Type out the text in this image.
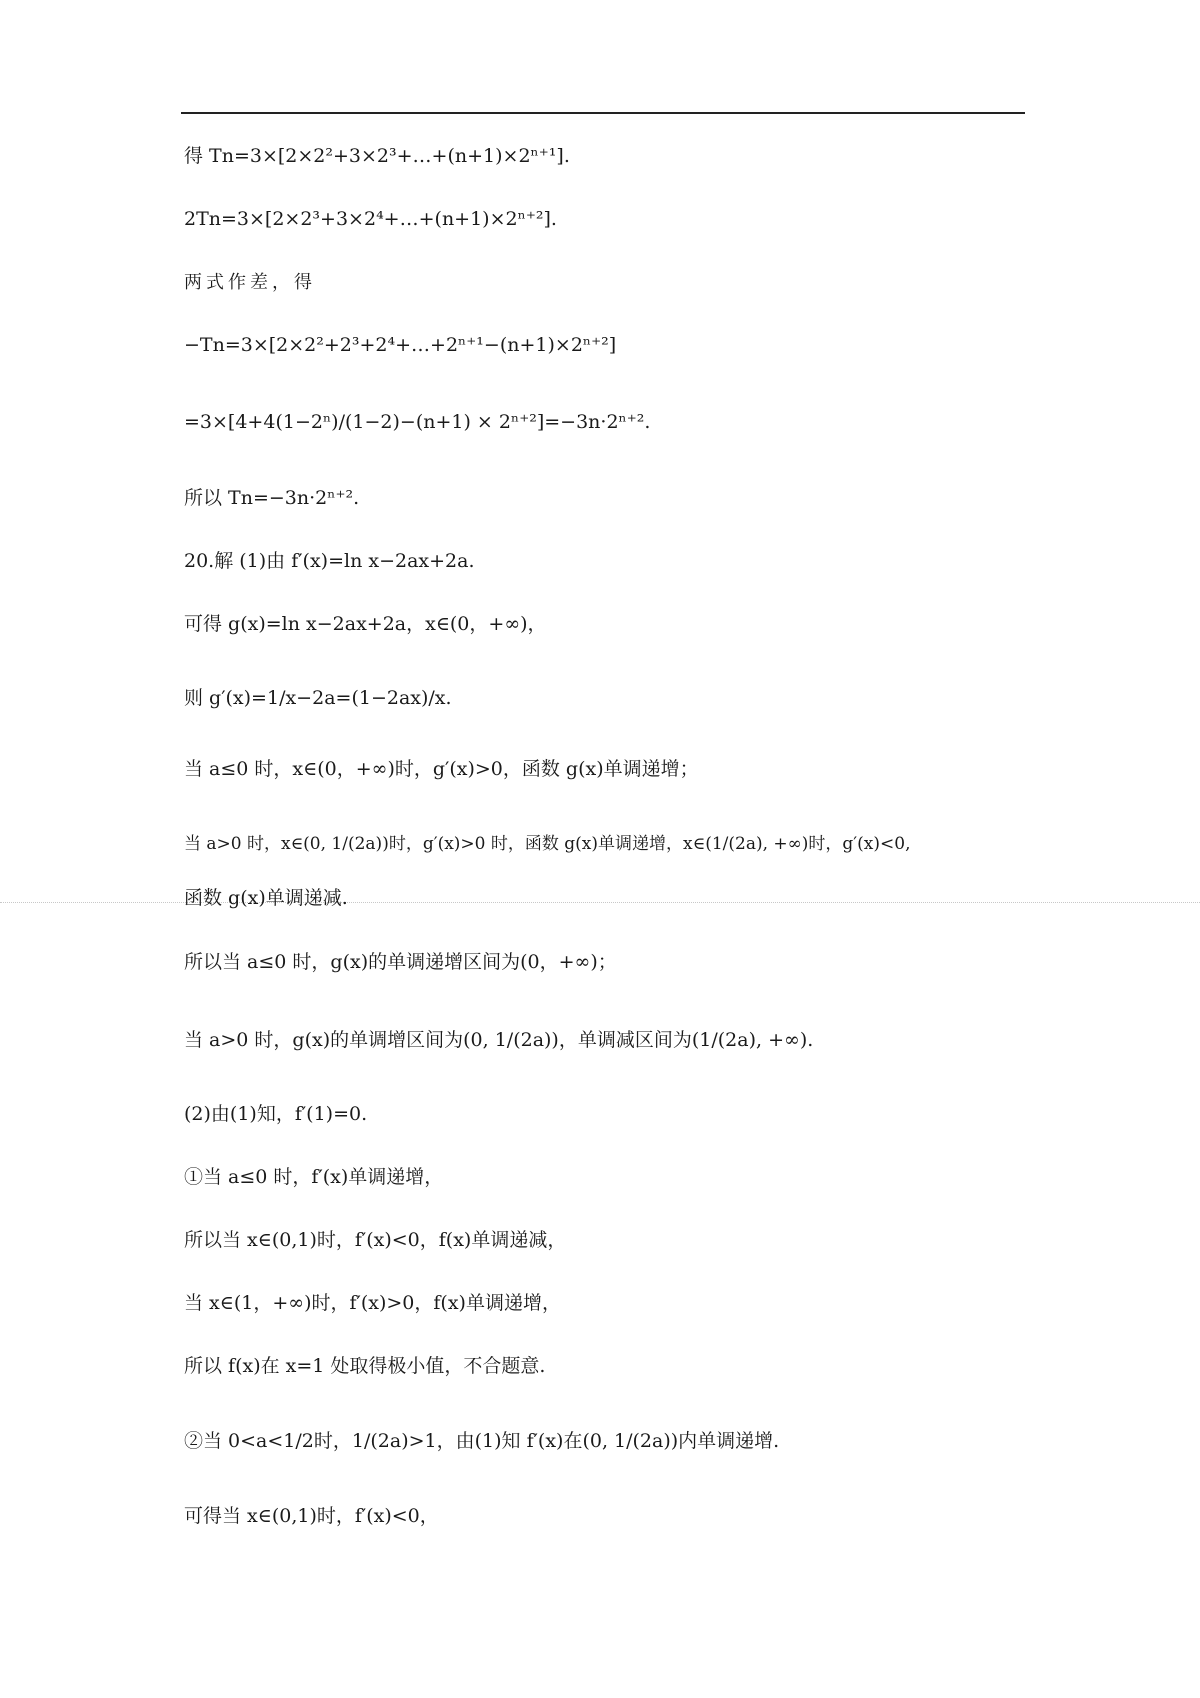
得 Tn=3×[2×2²+3×2³+…+(n+1)×2ⁿ⁺¹].
2Tn=3×[2×2³+3×2⁴+…+(n+1)×2ⁿ⁺²].
两式作差，得
−Tn=3×[2×2²+2³+2⁴+…+2ⁿ⁺¹−(n+1)×2ⁿ⁺²]
=3×[4+4(1−2ⁿ)/(1−2)−(n+1) × 2ⁿ⁺²]=−3n·2ⁿ⁺².
所以 Tn=−3n·2ⁿ⁺².
20.解 (1)由 f′(x)=ln x−2ax+2a.
可得 g(x)=ln x−2ax+2a，x∈(0，+∞)，
则 g′(x)=1/x−2a=(1−2ax)/x.
当 a≤0 时，x∈(0，+∞)时，g′(x)>0，函数 g(x)单调递增；
当 a>0 时，x∈(0, 1/(2a))时，g′(x)>0 时，函数 g(x)单调递增，x∈(1/(2a), +∞)时，g′(x)<0,
函数 g(x)单调递减.
所以当 a≤0 时，g(x)的单调递增区间为(0，+∞)；
当 a>0 时，g(x)的单调增区间为(0, 1/(2a))，单调减区间为(1/(2a), +∞).
(2)由(1)知，f′(1)=0.
①当 a≤0 时，f′(x)单调递增，
所以当 x∈(0,1)时，f′(x)<0，f(x)单调递减，
当 x∈(1，+∞)时，f′(x)>0，f(x)单调递增，
所以 f(x)在 x=1 处取得极小值，不合题意.
②当 0<a<1/2时，1/(2a)>1，由(1)知 f′(x)在(0, 1/(2a))内单调递增.
可得当 x∈(0,1)时，f′(x)<0，
